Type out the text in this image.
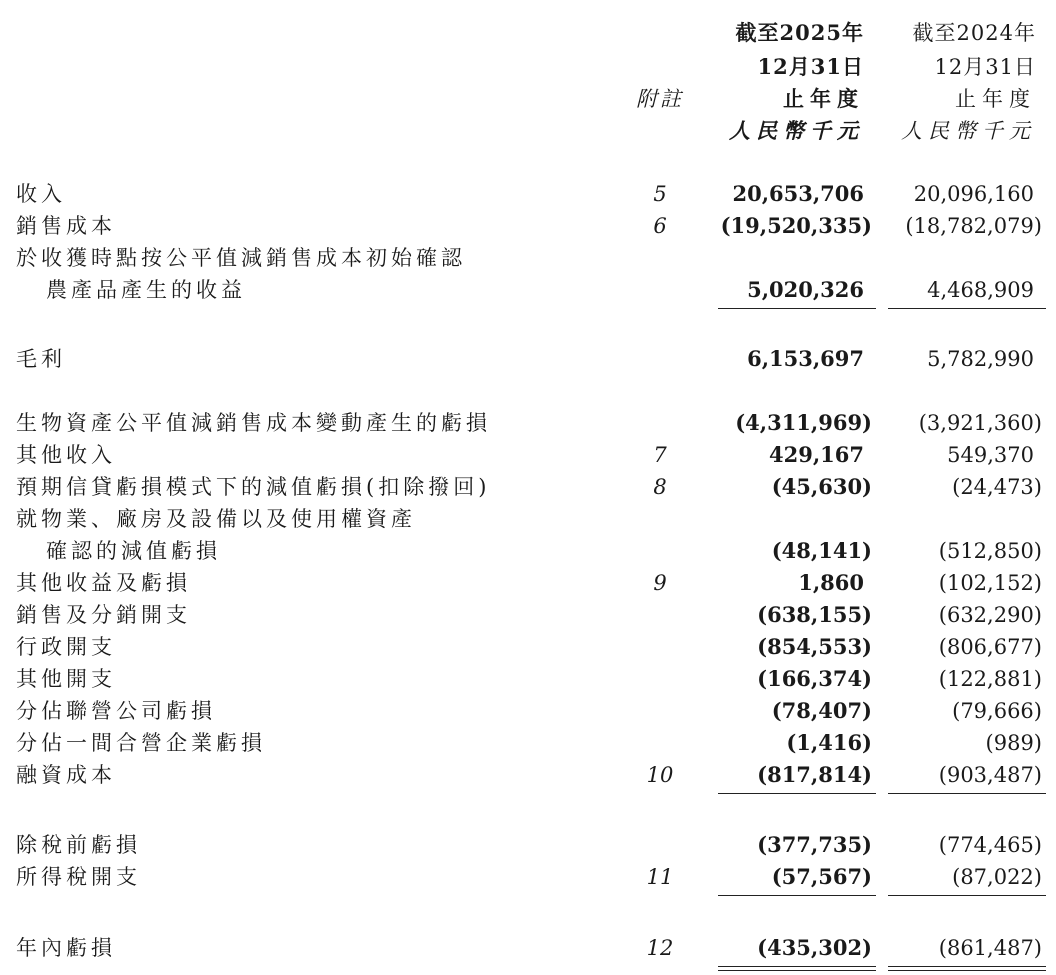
附註
截至2025年
12月31日
止年度
人民幣千元
截至2024年
12月31日
止年度
人民幣千元
收入	5	20,653,706 20,096,160
銷售成本	6	(19,520,335) (18,782,079)
於收獲時點按公平值減銷售成本初始確認
農產品產生的收益	5,020,326	4,468,909
毛利	6,153,697	5,782,990
生物資產公平值減銷售成本變動產生的虧損	(4,311,969) (3,921,360)
其他收入	7	429,167	549,370
預期信貸虧損模式下的減值虧損(扣除撥回)	8	(45,630)	(24,473)
就物業、廠房及設備以及使用權資產
確認的減值虧損	(48,141)	(512,850)
其他收益及虧損	9	1,860	(102,152)
銷售及分銷開支	(638,155)	(632,290)
行政開支	(854,553)	(806,677)
其他開支	(166,374)	(122,881)
分佔聯營公司虧損	(78,407)	(79,666)
分佔一間合營企業虧損	(1,416)	(989)
融資成本	10	(817,814)	(903,487)
除稅前虧損	(377,735)	(774,465)
所得稅開支	11	(57,567)	(87,022)
年內虧損	12	(435,302)	(861,487)
